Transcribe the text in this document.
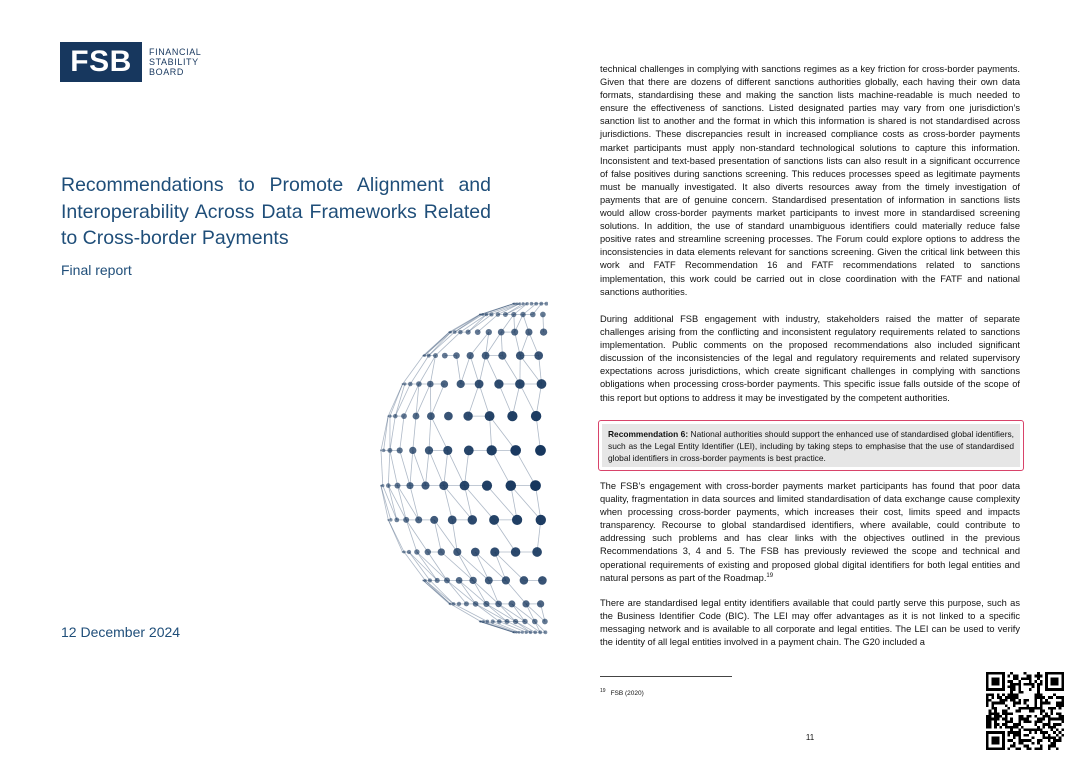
FSB	FINANCIAL
STABILITY
BOARD
Recommendations to Promote Alignment and Interoperability Across Data Frameworks Related to Cross-border Payments
Final report
12 December 2024

technical challenges in complying with sanctions regimes as a key friction for cross-border payments. Given that there are dozens of different sanctions authorities globally, each having their own data formats, standardising these and making the sanction lists machine-readable is much needed to ensure the effectiveness of sanctions. Listed designated parties may vary from one jurisdiction’s sanction list to another and the format in which this information is shared is not standardised across jurisdictions. These discrepancies result in increased compliance costs as cross-border payments market participants must apply non-standard technological solutions to capture this information. Inconsistent and text-based presentation of sanctions lists can also result in a significant occurrence of false positives during sanctions screening. This reduces processes speed as legitimate payments must be manually investigated. It also diverts resources away from the timely investigation of payments that are of genuine concern. Standardised presentation of information in sanctions lists would allow cross-border payments market participants to invest more in standardised screening solutions. In addition, the use of standard unambiguous identifiers could materially reduce false positive rates and streamline screening processes. The Forum could explore options to address the inconsistencies in data elements relevant for sanctions screening. Given the critical link between this work and FATF Recommendation 16 and FATF recommendations related to sanctions implementation, this work could be carried out in close coordination with the FATF and national sanctions authorities.

During additional FSB engagement with industry, stakeholders raised the matter of separate challenges arising from the conflicting and inconsistent regulatory requirements related to sanctions implementation. Public comments on the proposed recommendations also included significant discussion of the inconsistencies of the legal and regulatory requirements and related supervisory expectations across jurisdictions, which create significant challenges in complying with sanctions obligations when processing cross-border payments. This specific issue falls outside of the scope of this report but options to address it may be investigated by the competent authorities.

Recommendation 6: National authorities should support the enhanced use of standardised global identifiers, such as the Legal Entity Identifier (LEI), including by taking steps to emphasise that the use of standardised global identifiers in cross-border payments is best practice.

The FSB’s engagement with cross-border payments market participants has found that poor data quality, fragmentation in data sources and limited standardisation of data exchange cause complexity when processing cross-border payments, which increases their cost, limits speed and impacts transparency. Recourse to global standardised identifiers, where available, could contribute to addressing such problems and has clear links with the objectives outlined in the previous Recommendations 3, 4 and 5. The FSB has previously reviewed the scope and technical and operational requirements of existing and proposed global digital identifiers for both legal entities and natural persons as part of the Roadmap.$^{19}$

There are standardised legal entity identifiers available that could partly serve this purpose, such as the Business Identifier Code (BIC). The LEI may offer advantages as it is not linked to a specific messaging network and is available to all corporate and legal entities. The LEI can be used to verify the identity of all legal entities involved in a payment chain. The G20 included a

$^{19}$ FSB (2020)
11
